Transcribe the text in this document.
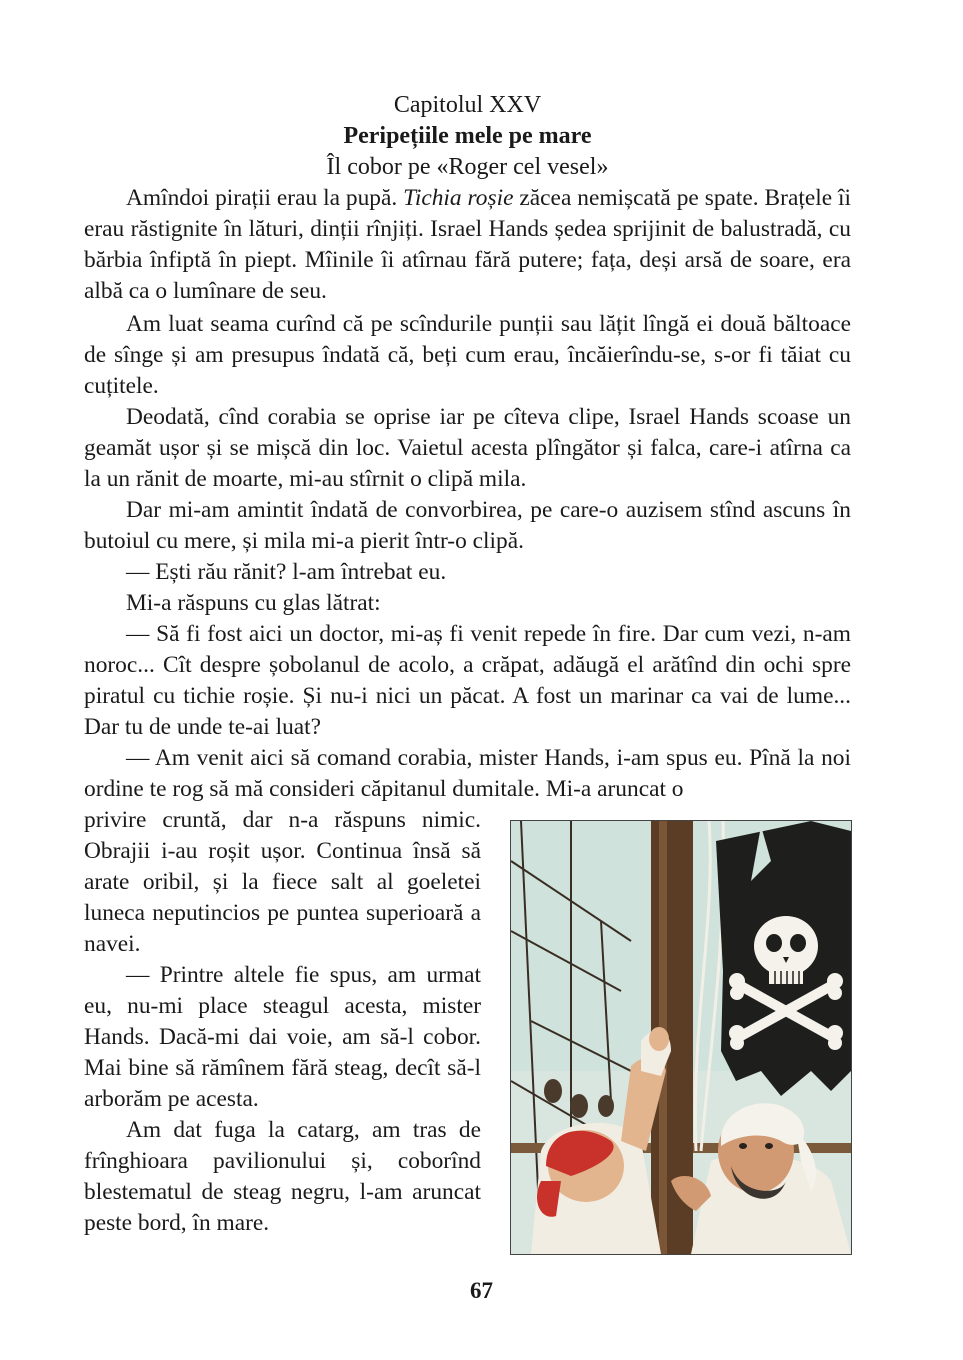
Capitolul XXV
Peripețiile mele pe mare
Îl cobor pe «Roger cel vesel»

Amîndoi pirații erau la pupă. Tichia roșie zăcea nemișcată pe spate. Brațele îi erau răstignite în lături, dinții rînjiți. Israel Hands ședea sprijinit de balustradă, cu bărbia înfiptă în piept. Mîinile îi atîrnau fără putere; fața, deși arsă de soare, era albă ca o lumînare de seu.

Am luat seama curînd că pe scîndurile punții sau lățit lîngă ei două băltoace de sînge și am presupus îndată că, beți cum erau, încăierîndu-se, s-or fi tăiat cu cuțitele.

Deodată, cînd corabia se oprise iar pe cîteva clipe, Israel Hands scoase un geamăt ușor și se mișcă din loc. Vaietul acesta plîngător și falca, care-i atîrna ca la un rănit de moarte, mi-au stîrnit o clipă mila.

Dar mi-am amintit îndată de convorbirea, pe care-o auzisem stînd ascuns în butoiul cu mere, și mila mi-a pierit într-o clipă.

— Ești rău rănit? l-am întrebat eu.

Mi-a răspuns cu glas lătrat:

— Să fi fost aici un doctor, mi-aș fi venit repede în fire. Dar cum vezi, n-am noroc... Cît despre șobolanul de acolo, a crăpat, adăugă el arătînd din ochi spre piratul cu tichie roșie. Și nu-i nici un păcat. A fost un marinar ca vai de lume... Dar tu de unde te-ai luat?

— Am venit aici să comand corabia, mister Hands, i-am spus eu. Pînă la noi ordine te rog să mă consideri căpitanul dumitale. Mi-a aruncat o

privire cruntă, dar n-a răspuns nimic. Obrajii i-au roșit ușor. Continua însă să arate oribil, și la fiece salt al goeletei luneca neputincios pe puntea superioară a navei.

— Printre altele fie spus, am urmat eu, nu-mi place steagul acesta, mister Hands. Dacă-mi dai voie, am să-l cobor. Mai bine să rămînem fără steag, decît să-l arborăm pe acesta.

Am dat fuga la catarg, am tras de frînghioara pavilionului și, coborînd blestematul de steag negru, l-am aruncat peste bord, în mare.

67
